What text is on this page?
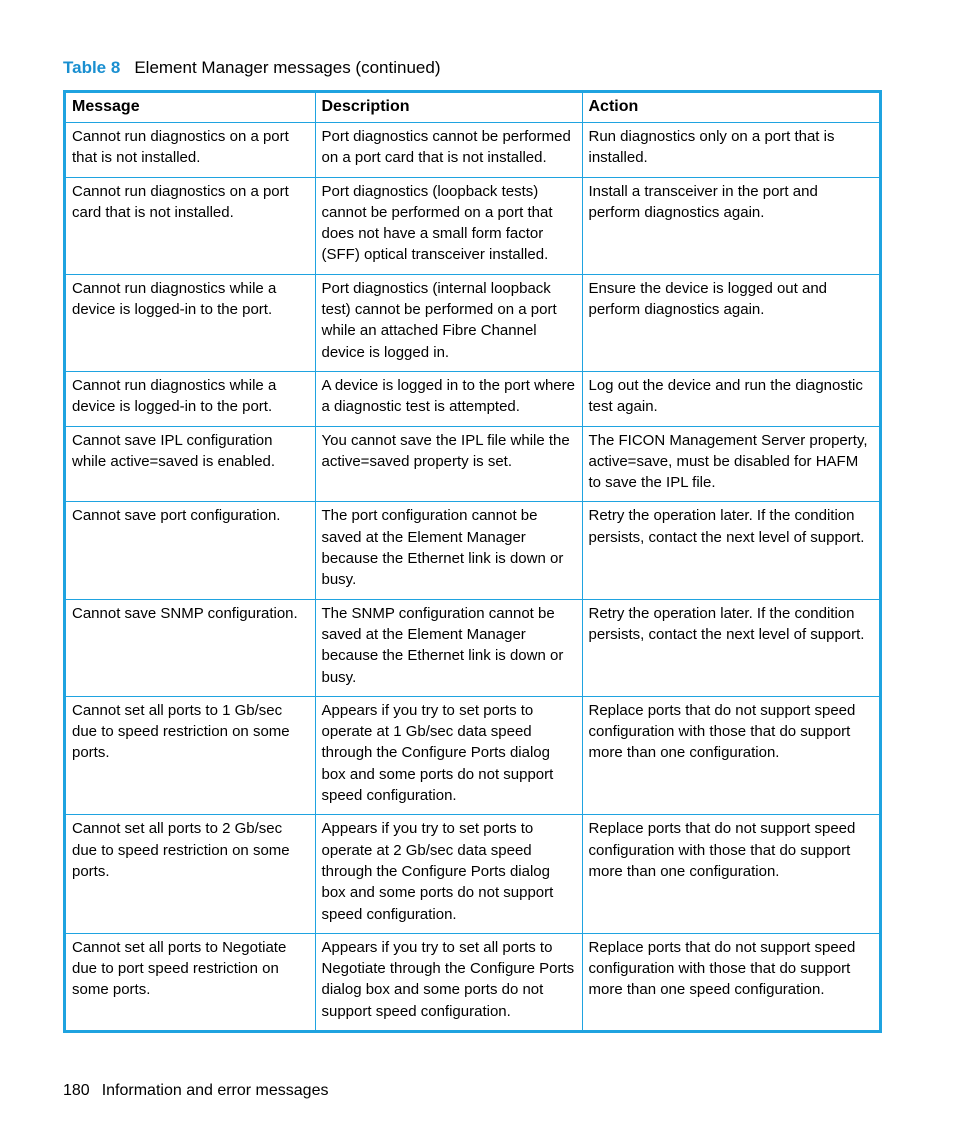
Table 8 Element Manager messages (continued)
Message	Description	Action
Cannot run diagnostics on a port that is not installed.	Port diagnostics cannot be performed on a port card that is not installed.	Run diagnostics only on a port that is installed.
Cannot run diagnostics on a port card that is not installed.	Port diagnostics (loopback tests) cannot be performed on a port that does not have a small form factor (SFF) optical transceiver installed.	Install a transceiver in the port and perform diagnostics again.
Cannot run diagnostics while a device is logged-in to the port.	Port diagnostics (internal loopback test) cannot be performed on a port while an attached Fibre Channel device is logged in.	Ensure the device is logged out and perform diagnostics again.
Cannot run diagnostics while a device is logged-in to the port.	A device is logged in to the port where a diagnostic test is attempted.	Log out the device and run the diagnostic test again.
Cannot save IPL configuration while active=saved is enabled.	You cannot save the IPL file while the active=saved property is set.	The FICON Management Server property, active=save, must be disabled for HAFM to save the IPL file.
Cannot save port configuration.	The port configuration cannot be saved at the Element Manager because the Ethernet link is down or busy.	Retry the operation later. If the condition persists, contact the next level of support.
Cannot save SNMP configuration.	The SNMP configuration cannot be saved at the Element Manager because the Ethernet link is down or busy.	Retry the operation later. If the condition persists, contact the next level of support.
Cannot set all ports to 1 Gb/sec due to speed restriction on some ports.	Appears if you try to set ports to operate at 1 Gb/sec data speed through the Configure Ports dialog box and some ports do not support speed configuration.	Replace ports that do not support speed configuration with those that do support more than one configuration.
Cannot set all ports to 2 Gb/sec due to speed restriction on some ports.	Appears if you try to set ports to operate at 2 Gb/sec data speed through the Configure Ports dialog box and some ports do not support speed configuration.	Replace ports that do not support speed configuration with those that do support more than one configuration.
Cannot set all ports to Negotiate due to port speed restriction on some ports.	Appears if you try to set all ports to Negotiate through the Configure Ports dialog box and some ports do not support speed configuration.	Replace ports that do not support speed configuration with those that do support more than one speed configuration.
180 Information and error messages
